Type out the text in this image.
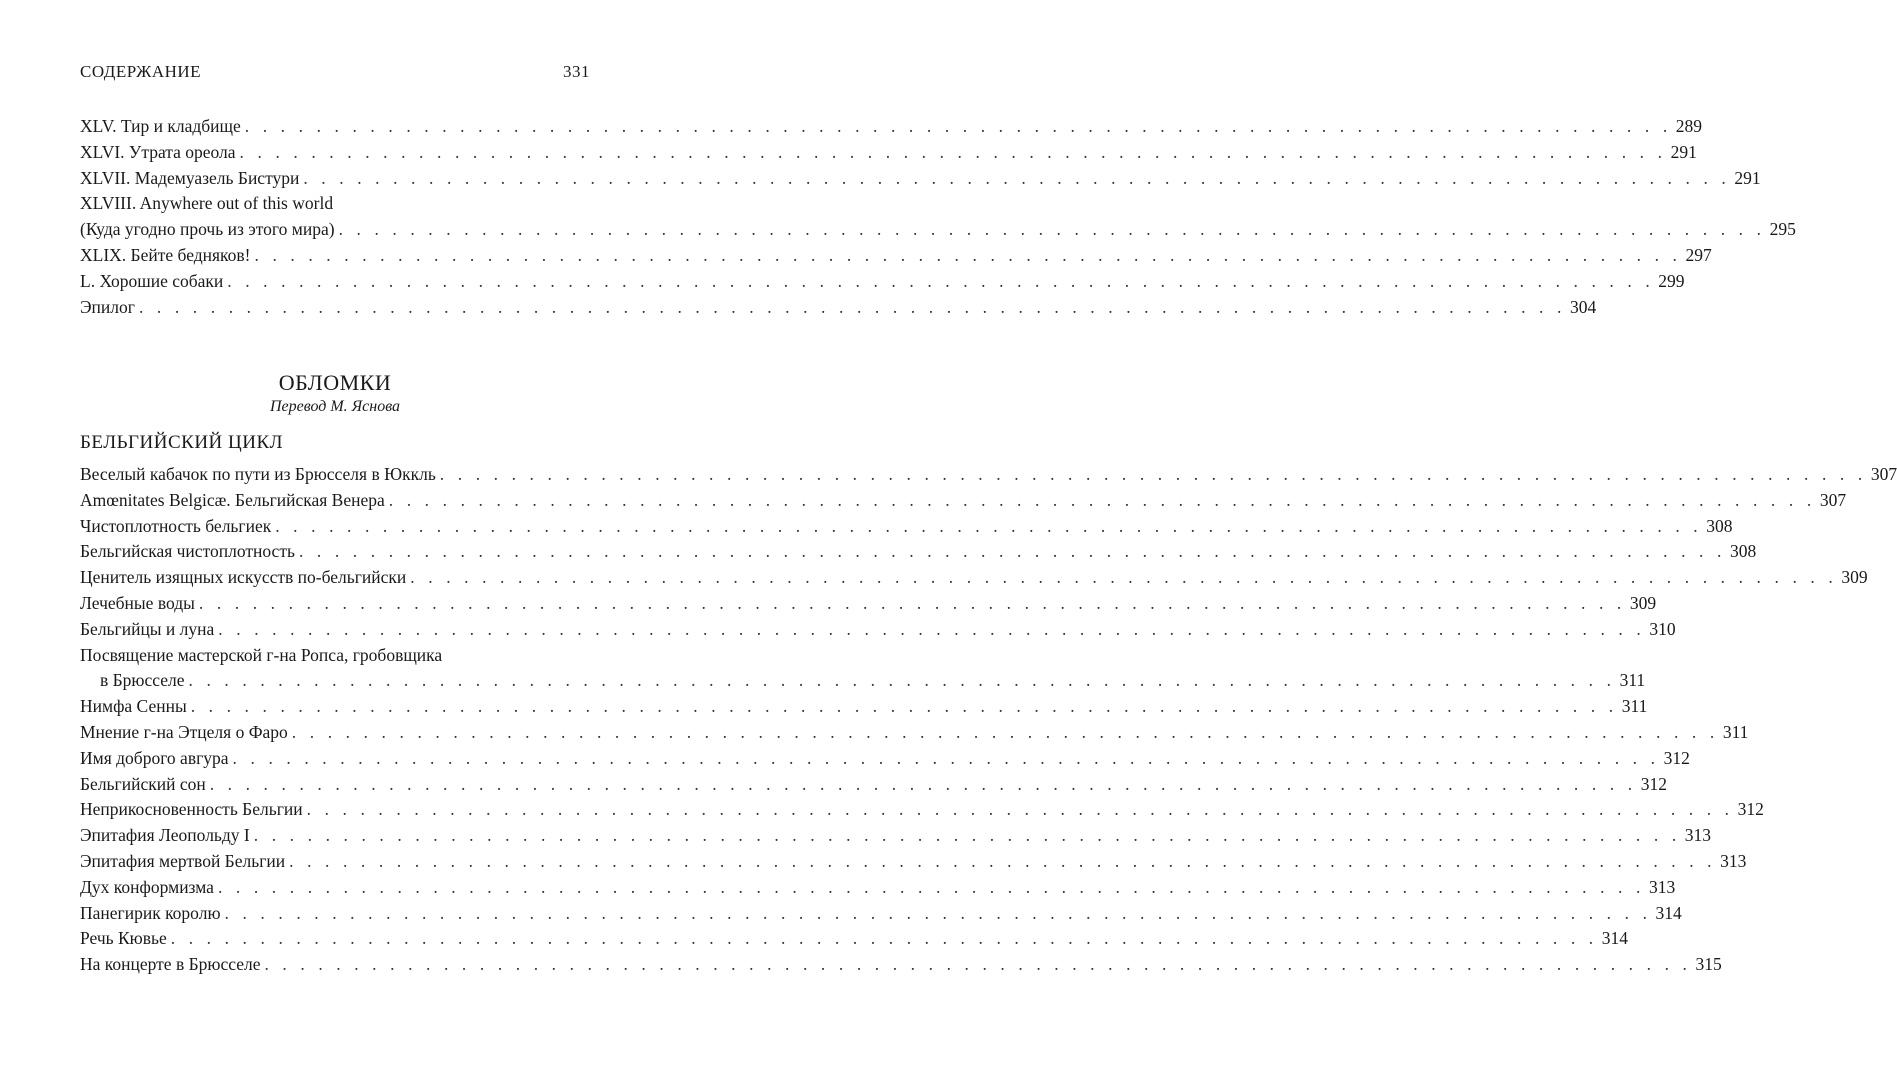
СОДЕРЖАНИЕ	331
XLV. Тир и кладбище . . . . . . . . . . . . . . . . . . . . . . . . . . . . . . . . . . . . . . . . . . . . . . . . . . . . . . . . . . . . . . . . . . . . . . . . . . . . . . . . 289
XLVI. Утрата ореола . . . . . . . . . . . . . . . . . . . . . . . . . . . . . . . . . . . . . . . . . . . . . . . . . . . . . . . . . . . . . . . . . . . . . . . . . . . . . . . . 291
XLVII. Мадемуазель Бистури . . . . . . . . . . . . . . . . . . . . . . . . . . . . . . . . . . . . . . . . . . . . . . . . . . . . . . . . . . . . . . . . . . . . . . . . . . . . . . . . 291
XLVIII. Anywhere out of this world
(Куда угодно прочь из этого мира) . . . . . . . . . . . . . . . . . . . . . . . . . . . . . . . . . . . . . . . . . . . . . . . . . . . . . . . . . . . . . . . . . . . . . . . . . . . . . . . . 295
XLIX. Бейте бедняков! . . . . . . . . . . . . . . . . . . . . . . . . . . . . . . . . . . . . . . . . . . . . . . . . . . . . . . . . . . . . . . . . . . . . . . . . . . . . . . . . 297
L. Хорошие собаки . . . . . . . . . . . . . . . . . . . . . . . . . . . . . . . . . . . . . . . . . . . . . . . . . . . . . . . . . . . . . . . . . . . . . . . . . . . . . . . . 299
Эпилог . . . . . . . . . . . . . . . . . . . . . . . . . . . . . . . . . . . . . . . . . . . . . . . . . . . . . . . . . . . . . . . . . . . . . . . . . . . . . . . . 304
ОБЛОМКИ
Перевод М. Яснова
БЕЛЬГИЙСКИЙ ЦИКЛ
Веселый кабачок по пути из Брюсселя в Юккль . . . . . . . . . . . . . . . . . . . . . . . . . . . . . . . . . . . . . . . . . . . . . . . . . . . . . . . . . . . . . . . . . . . . . . . . . . . . . . . . 307
Amœnitates Belgicæ. Бельгийская Венера . . . . . . . . . . . . . . . . . . . . . . . . . . . . . . . . . . . . . . . . . . . . . . . . . . . . . . . . . . . . . . . . . . . . . . . . . . . . . . . . 307
Чистоплотность бельгиек . . . . . . . . . . . . . . . . . . . . . . . . . . . . . . . . . . . . . . . . . . . . . . . . . . . . . . . . . . . . . . . . . . . . . . . . . . . . . . . . 308
Бельгийская чистоплотность . . . . . . . . . . . . . . . . . . . . . . . . . . . . . . . . . . . . . . . . . . . . . . . . . . . . . . . . . . . . . . . . . . . . . . . . . . . . . . . . 308
Ценитель изящных искусств по-бельгийски . . . . . . . . . . . . . . . . . . . . . . . . . . . . . . . . . . . . . . . . . . . . . . . . . . . . . . . . . . . . . . . . . . . . . . . . . . . . . . . . 309
Лечебные воды . . . . . . . . . . . . . . . . . . . . . . . . . . . . . . . . . . . . . . . . . . . . . . . . . . . . . . . . . . . . . . . . . . . . . . . . . . . . . . . . 309
Бельгийцы и луна . . . . . . . . . . . . . . . . . . . . . . . . . . . . . . . . . . . . . . . . . . . . . . . . . . . . . . . . . . . . . . . . . . . . . . . . . . . . . . . . 310
Посвящение мастерской г-на Ропса, гробовщика
в Брюсселе . . . . . . . . . . . . . . . . . . . . . . . . . . . . . . . . . . . . . . . . . . . . . . . . . . . . . . . . . . . . . . . . . . . . . . . . . . . . . . . . 311
Нимфа Сенны . . . . . . . . . . . . . . . . . . . . . . . . . . . . . . . . . . . . . . . . . . . . . . . . . . . . . . . . . . . . . . . . . . . . . . . . . . . . . . . . 311
Мнение г-на Этцеля о Фаро . . . . . . . . . . . . . . . . . . . . . . . . . . . . . . . . . . . . . . . . . . . . . . . . . . . . . . . . . . . . . . . . . . . . . . . . . . . . . . . . 311
Имя доброго авгура . . . . . . . . . . . . . . . . . . . . . . . . . . . . . . . . . . . . . . . . . . . . . . . . . . . . . . . . . . . . . . . . . . . . . . . . . . . . . . . . 312
Бельгийский сон . . . . . . . . . . . . . . . . . . . . . . . . . . . . . . . . . . . . . . . . . . . . . . . . . . . . . . . . . . . . . . . . . . . . . . . . . . . . . . . . 312
Неприкосновенность Бельгии . . . . . . . . . . . . . . . . . . . . . . . . . . . . . . . . . . . . . . . . . . . . . . . . . . . . . . . . . . . . . . . . . . . . . . . . . . . . . . . . 312
Эпитафия Леопольду I . . . . . . . . . . . . . . . . . . . . . . . . . . . . . . . . . . . . . . . . . . . . . . . . . . . . . . . . . . . . . . . . . . . . . . . . . . . . . . . . 313
Эпитафия мертвой Бельгии . . . . . . . . . . . . . . . . . . . . . . . . . . . . . . . . . . . . . . . . . . . . . . . . . . . . . . . . . . . . . . . . . . . . . . . . . . . . . . . . 313
Дух конформизма . . . . . . . . . . . . . . . . . . . . . . . . . . . . . . . . . . . . . . . . . . . . . . . . . . . . . . . . . . . . . . . . . . . . . . . . . . . . . . . . 313
Панегирик королю . . . . . . . . . . . . . . . . . . . . . . . . . . . . . . . . . . . . . . . . . . . . . . . . . . . . . . . . . . . . . . . . . . . . . . . . . . . . . . . . 314
Речь Кювье . . . . . . . . . . . . . . . . . . . . . . . . . . . . . . . . . . . . . . . . . . . . . . . . . . . . . . . . . . . . . . . . . . . . . . . . . . . . . . . . 314
На концерте в Брюсселе . . . . . . . . . . . . . . . . . . . . . . . . . . . . . . . . . . . . . . . . . . . . . . . . . . . . . . . . . . . . . . . . . . . . . . . . . . . . . . . . 315
